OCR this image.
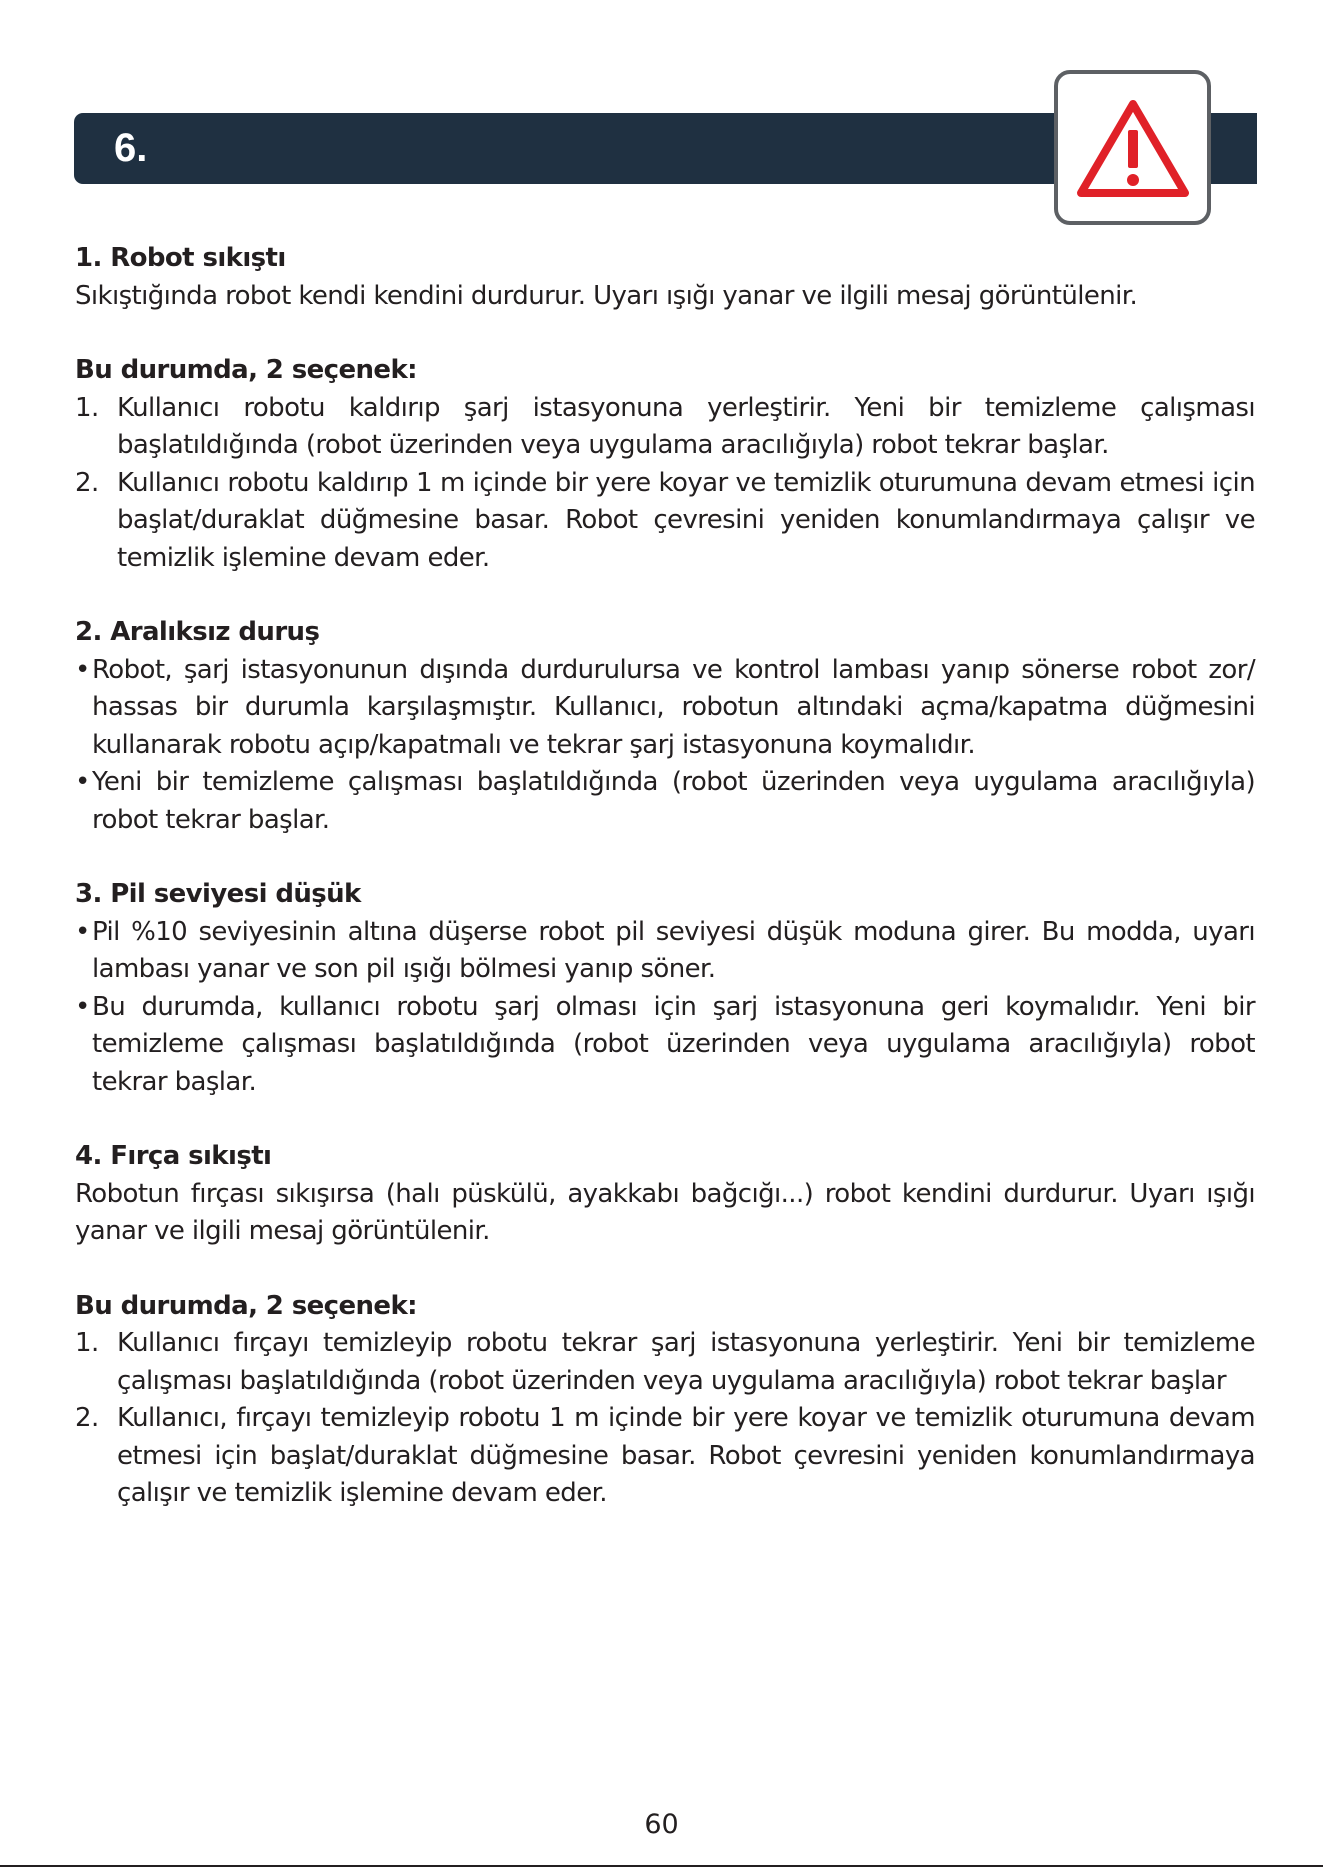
6.
1. Robot sıkıştı

Sıkıştığında robot kendi kendini durdurur. Uyarı ışığı yanar ve ilgili mesaj görüntülenir.

Bu durumda, 2 seçenek:
1. Kullanıcı robotu kaldırıp şarj istasyonuna yerleştirir. Yeni bir temizleme çalışması başlatıldığında (robot üzerinden veya uygulama aracılığıyla) robot tekrar başlar.
2. Kullanıcı robotu kaldırıp 1 m içinde bir yere koyar ve temizlik oturumuna devam etmesi için başlat/duraklat düğmesine basar. Robot çevresini yeniden konumlandırmaya çalışır ve temizlik işlemine devam eder.
2. Aralıksız duruş
• Robot, şarj istasyonunun dışında durdurulursa ve kontrol lambası yanıp sönerse robot zor/ hassas bir durumla karşılaşmıştır. Kullanıcı, robotun altındaki açma/kapatma düğmesini kullanarak robotu açıp/kapatmalı ve tekrar şarj istasyonuna koymalıdır.
• Yeni bir temizleme çalışması başlatıldığında (robot üzerinden veya uygulama aracılığıyla) robot tekrar başlar.
3. Pil seviyesi düşük
• Pil %10 seviyesinin altına düşerse robot pil seviyesi düşük moduna girer. Bu modda, uyarı lambası yanar ve son pil ışığı bölmesi yanıp söner.
• Bu durumda, kullanıcı robotu şarj olması için şarj istasyonuna geri koymalıdır. Yeni bir temizleme çalışması başlatıldığında (robot üzerinden veya uygulama aracılığıyla) robot tekrar başlar.
4. Fırça sıkıştı

Robotun fırçası sıkışırsa (halı püskülü, ayakkabı bağcığı...) robot kendini durdurur. Uyarı ışığı yanar ve ilgili mesaj görüntülenir.

Bu durumda, 2 seçenek:
1. Kullanıcı fırçayı temizleyip robotu tekrar şarj istasyonuna yerleştirir. Yeni bir temizleme çalışması başlatıldığında (robot üzerinden veya uygulama aracılığıyla) robot tekrar başlar
2. Kullanıcı, fırçayı temizleyip robotu 1 m içinde bir yere koyar ve temizlik oturumuna devam etmesi için başlat/duraklat düğmesine basar. Robot çevresini yeniden konumlandırmaya çalışır ve temizlik işlemine devam eder.
60
